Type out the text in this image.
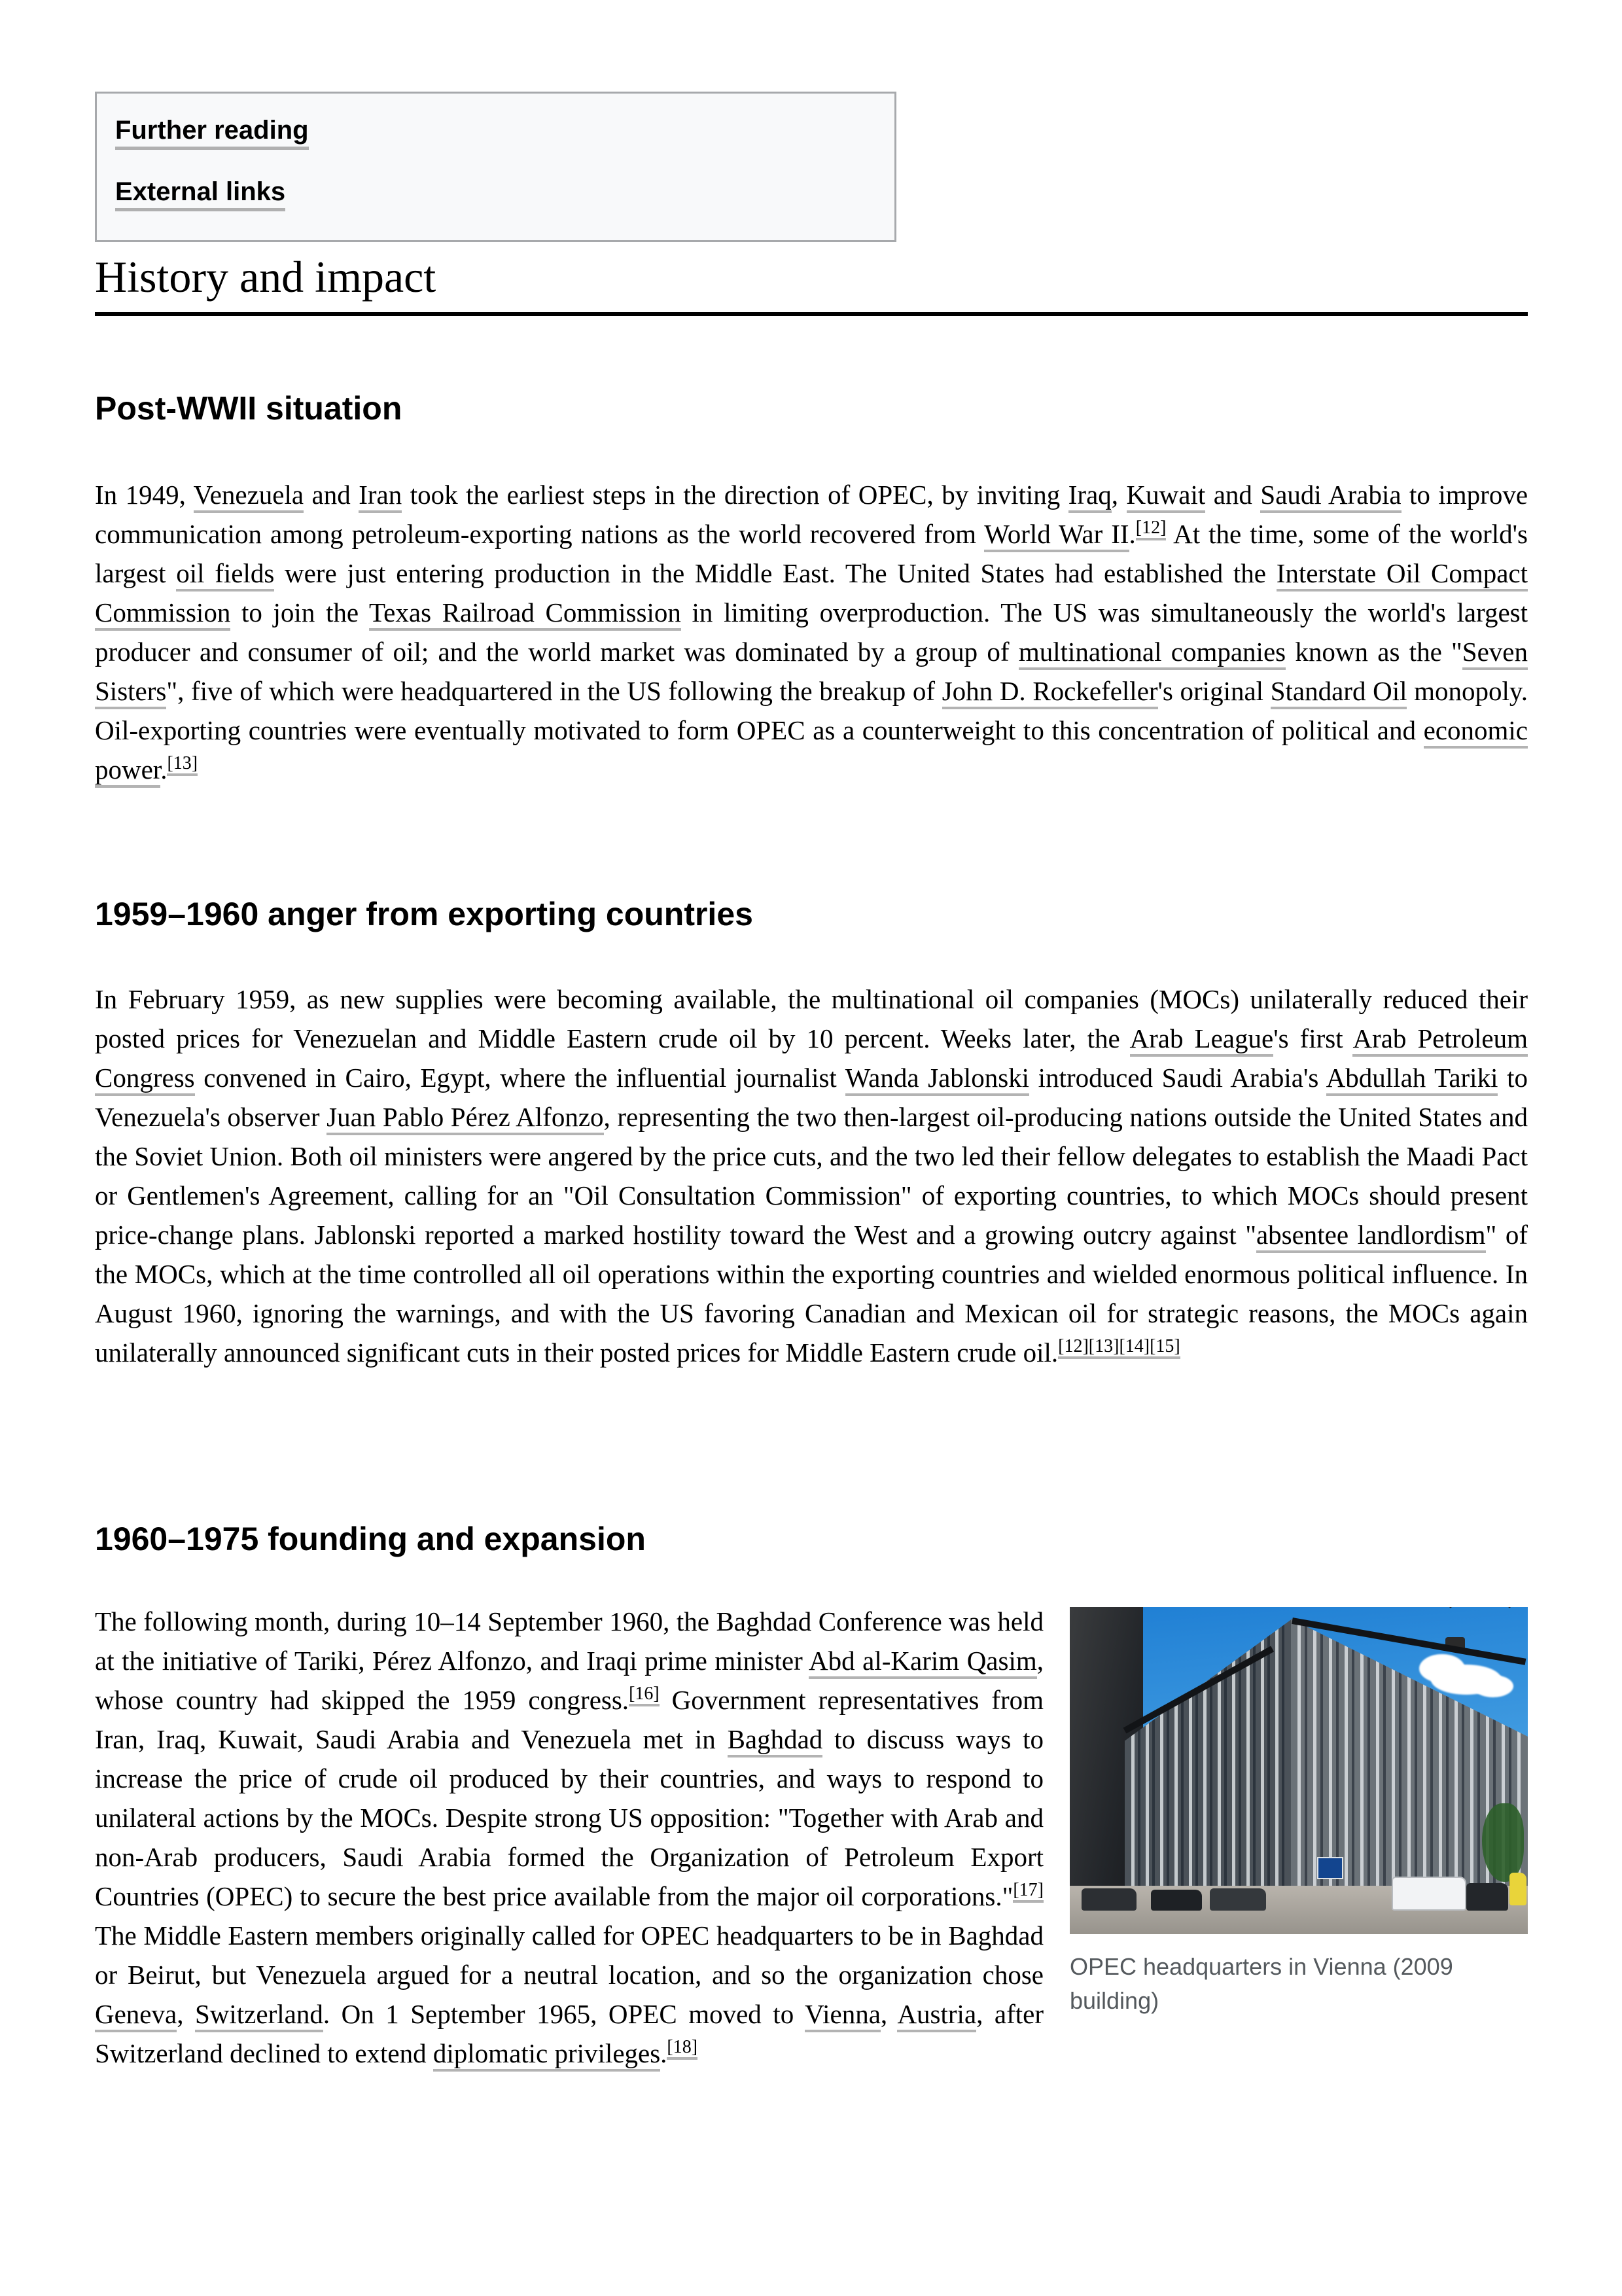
Further reading
External links
History and impact
Post-WWII situation

In 1949, Venezuela and Iran took the earliest steps in the direction of OPEC, by inviting Iraq, Kuwait and Saudi Arabia to improve communication among petroleum-exporting nations as the world recovered from World War II.[12] At the time, some of the world's largest oil fields were just entering production in the Middle East. The United States had established the Interstate Oil Compact Commission to join the Texas Railroad Commission in limiting overproduction. The US was simultaneously the world's largest producer and consumer of oil; and the world market was dominated by a group of multinational companies known as the "Seven Sisters", five of which were headquartered in the US following the breakup of John D. Rockefeller's original Standard Oil monopoly. Oil-exporting countries were eventually motivated to form OPEC as a counterweight to this concentration of political and economic power.[13]

1959–1960 anger from exporting countries

In February 1959, as new supplies were becoming available, the multinational oil companies (MOCs) unilaterally reduced their posted prices for Venezuelan and Middle Eastern crude oil by 10 percent. Weeks later, the Arab League's first Arab Petroleum Congress convened in Cairo, Egypt, where the influential journalist Wanda Jablonski introduced Saudi Arabia's Abdullah Tariki to Venezuela's observer Juan Pablo Pérez Alfonzo, representing the two then-largest oil-producing nations outside the United States and the Soviet Union. Both oil ministers were angered by the price cuts, and the two led their fellow delegates to establish the Maadi Pact or Gentlemen's Agreement, calling for an "Oil Consultation Commission" of exporting countries, to which MOCs should present price-change plans. Jablonski reported a marked hostility toward the West and a growing outcry against "absentee landlordism" of the MOCs, which at the time controlled all oil operations within the exporting countries and wielded enormous political influence. In August 1960, ignoring the warnings, and with the US favoring Canadian and Mexican oil for strategic reasons, the MOCs again unilaterally announced significant cuts in their posted prices for Middle Eastern crude oil.[12][13][14][15]

1960–1975 founding and expansion
OPEC headquarters in Vienna (2009 building)
The following month, during 10–14 September 1960, the Baghdad Conference was held at the initiative of Tariki, Pérez Alfonzo, and Iraqi prime minister Abd al-Karim Qasim, whose country had skipped the 1959 congress.[16] Government representatives from Iran, Iraq, Kuwait, Saudi Arabia and Venezuela met in Baghdad to discuss ways to increase the price of crude oil produced by their countries, and ways to respond to unilateral actions by the MOCs. Despite strong US opposition: "Together with Arab and non-Arab producers, Saudi Arabia formed the Organization of Petroleum Export Countries (OPEC) to secure the best price available from the major oil corporations."[17] The Middle Eastern members originally called for OPEC headquarters to be in Baghdad or Beirut, but Venezuela argued for a neutral location, and so the organization chose Geneva, Switzerland. On 1 September 1965, OPEC moved to Vienna, Austria, after Switzerland declined to extend diplomatic privileges.[18]
